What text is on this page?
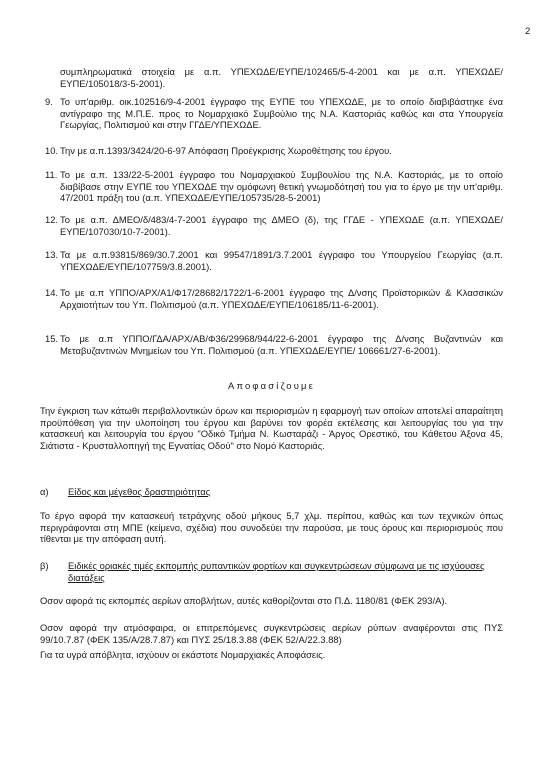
2

συμπληρωματικά στοιχεία με α.π. ΥΠΕΧΩΔΕ/ΕΥΠΕ/102465/5-4-2001 και με α.π. ΥΠΕΧΩΔΕ/ΕΥΠΕ/105018/3-5-2001).

9. Το υπ'αριθμ. οικ.102516/9-4-2001 έγγραφο της ΕΥΠΕ του ΥΠΕΧΩΔΕ, με το οποίο διαβιβάστηκε ένα αντίγραφο της Μ.Π.Ε. προς το Νομαρχιακό Συμβούλιο της Ν.Α. Καστοριάς καθώς και στα Υπουργεία Γεωργίας, Πολιτισμού και στην ΓΓΔΕ/ΥΠΕΧΩΔΕ.

10. Την με α.π.1393/3424/20-6-97 Απόφαση Προέγκρισης Χωροθέτησης του έργου.

11. Το με α.π. 133/22-5-2001 έγγραφο του Νομαρχιακού Συμβουλίου της Ν.Α. Καστοριάς, με το οποίο διαβίβασε στην ΕΥΠΕ του ΥΠΕΧΩΔΕ την ομόφωνη θετική γνωμοδότησή του για το έργο με την υπ'αριθμ. 47/2001 πράξη του (α.π. ΥΠΕΧΩΔΕ/ΕΥΠΕ/105735/28-5-2001)

12. Το με α.π. ΔΜΕΟ/δ/483/4-7-2001 έγγραφο της ΔΜΕΟ (δ), της ΓΓΔΕ - ΥΠΕΧΩΔΕ (α.π. ΥΠΕΧΩΔΕ/ΕΥΠΕ/107030/10-7-2001).

13. Τα με α.π.93815/869/30.7.2001 και 99547/1891/3.7.2001 έγγραφο του Υπουργείου Γεωργίας (α.π. ΥΠΕΧΩΔΕ/ΕΥΠΕ/107759/3.8.2001).

14. Το με α.π ΥΠΠΟ/ΑΡΧ/Α1/Φ17/28682/1722/1-6-2001 έγγραφο της Δ/νσης Προϊστορικών & Κλασσικών Αρχαιοτήτων του Υπ. Πολιτισμού (α.π. ΥΠΕΧΩΔΕ/ΕΥΠΕ/106185/11-6-2001).

15. Το με α.π ΥΠΠΟ/ΓΔΑ/ΑΡΧ/ΑΒ/Φ36/29968/944/22-6-2001 έγγραφο της Δ/νσης Βυζαντινών και Μεταβυζαντινών Μνημείων του Υπ. Πολιτισμού (α.π. ΥΠΕΧΩΔΕ/ΕΥΠΕ/ 106661/27-6-2001).

Αποφασίζουμε

Την έγκριση των κάτωθι περιβαλλοντικών όρων και περιορισμών η εφαρμογή των οποίων αποτελεί απαραίτητη προϋπόθεση για την υλοποίηση του έργου και βαρύνει τον φορέα εκτέλεσης και λειτουργίας του για την κατασκευή και λειτουργία του έργου "Οδικό Τμήμα Ν. Κωσταράζι - Άργος Ορεστικό, του Κάθετου Άξονα 45, Σιάτιστα - Κρυσταλλοπηγή της Εγνατίας Οδού" στο Νομό Καστοριάς.

α) Είδος και μέγεθος δραστηριότητας

Το έργο αφορά την κατασκευή τετράχνης οδού μήκους 5,7 χλμ. περίπου, καθώς και των τεχνικών όπως περιγράφονται στη ΜΠΕ (κείμενο, σχέδια) που συνοδεύει την παρούσα, με τους όρους και περιορισμούς που τίθενται με την απόφαση αυτή.

β) Ειδικές οριακές τιμές εκπομπής ρυπαντικών φορτίων και συγκεντρώσεων σύμφωνα με τις ισχύουσες διατάξεις

Οσον αφορά τις εκπομπές αερίων αποβλήτων, αυτές καθορίζονται στο Π.Δ. 1180/81 (ΦΕΚ 293/Α).

Οσον αφορά την ατμόσφαιρα, οι επιτρεπόμενες συγκεντρώσεις αερίων ρύπων αναφέρονται στις ΠΥΣ 99/10.7.87 (ΦΕΚ 135/Α/28.7.87) και ΠΥΣ 25/18.3.88 (ΦΕΚ 52/Α/22.3.88)

Για τα υγρά απόβλητα, ισχύουν οι εκάστοτε Νομαρχιακές Αποφάσεις.
